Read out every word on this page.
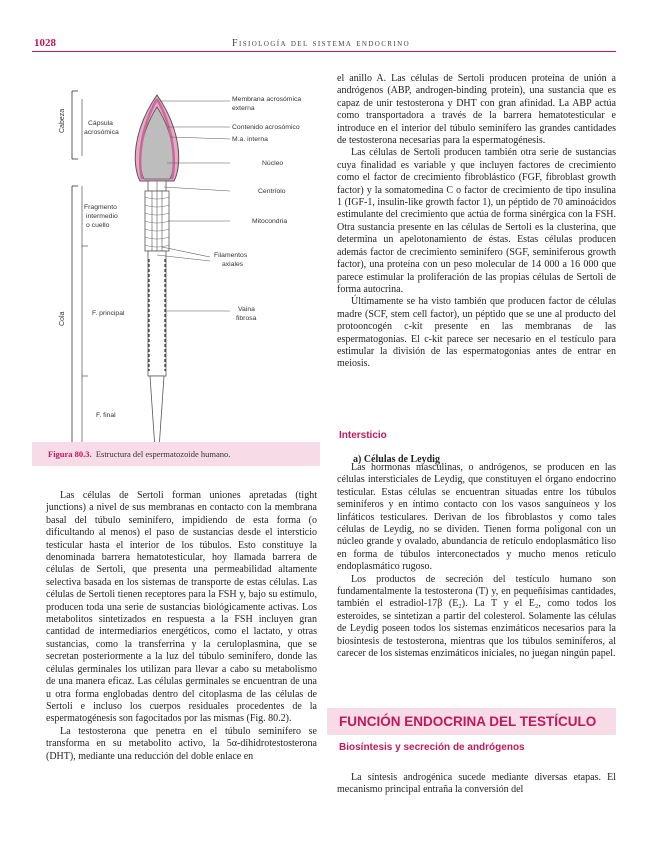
1028	Fisiología del sistema endocrino
Cabeza
Cola
Cápsula acrosómica
Fragmento intermedio o cuello
F. principal
F. final
Membrana acrosómica externa
Contenido acrosómico
M.a. interna
Núcleo
Centríolo
Mitocondria
Filamentos axiales
Vaina fibrosa
Figura 80.3. Estructura del espermatozoide humano.

Las células de Sertoli forman uniones apretadas (tight junctions) a nivel de sus membranas en contacto con la membrana basal del túbulo seminífero, impidiendo de esta forma (o dificultando al menos) el paso de sustancias desde el intersticio testicular hasta el interior de los túbulos. Esto constituye la denominada barrera hematotesticular, hoy llamada barrera de células de Sertoli, que presenta una permeabilidad altamente selectiva basada en los sistemas de transporte de estas células. Las células de Sertoli tienen receptores para la FSH y, bajo su estímulo, producen toda una serie de sustancias biológicamente activas. Los metabolitos sintetizados en respuesta a la FSH incluyen gran cantidad de intermediarios energéticos, como el lactato, y otras sustancias, como la transferrina y la ceruloplasmina, que se secretan posteriormente a la luz del túbulo seminífero, donde las células germinales los utilizan para llevar a cabo su metabolismo de una manera eficaz. Las células germinales se encuentran de una u otra forma englobadas dentro del citoplasma de las células de Sertoli e incluso los cuerpos residuales procedentes de la espermatogénesis son fagocitados por las mismas (Fig. 80.2).

La testosterona que penetra en el túbulo seminífero se transforma en su metabolito activo, la 5α-dihidrotestosterona (DHT), mediante una reducción del doble enlace en

el anillo A. Las células de Sertoli producen proteína de unión a andrógenos (ABP, androgen-binding protein), una sustancia que es capaz de unir testosterona y DHT con gran afinidad. La ABP actúa como transportadora a través de la barrera hematotesticular e introduce en el interior del túbulo seminífero las grandes cantidades de testosterona necesarias para la espermatogénesis.

Las células de Sertoli producen también otra serie de sustancias cuya finalidad es variable y que incluyen factores de crecimiento como el factor de crecimiento fibroblástico (FGF, fibroblast growth factor) y la somatomedina C o factor de crecimiento de tipo insulina 1 (IGF-1, insulin-like growth factor 1), un péptido de 70 aminoácidos estimulante del crecimiento que actúa de forma sinérgica con la FSH. Otra sustancia presente en las células de Sertoli es la clusterina, que determina un apelotonamiento de éstas. Estas células producen además factor de crecimiento seminífero (SGF, seminiferous growth factor), una proteína con un peso molecular de 14 000 a 16 000 que parece estimular la proliferación de las propias células de Sertoli de forma autocrina.

Últimamente se ha visto también que producen factor de células madre (SCF, stem cell factor), un péptido que se une al producto del protooncogén c-kit presente en las membranas de las espermatogonias. El c-kit parece ser necesario en el testículo para estimular la división de las espermatogonias antes de entrar en meiosis.

Intersticio
a) Células de Leydig

Las hormonas masculinas, o andrógenos, se producen en las células intersticiales de Leydig, que constituyen el órgano endocrino testicular. Estas células se encuentran situadas entre los túbulos seminíferos y en íntimo contacto con los vasos sanguíneos y los linfáticos testiculares. Derivan de los fibroblastos y como tales células de Leydig, no se dividen. Tienen forma poligonal con un núcleo grande y ovalado, abundancia de retículo endoplasmático liso en forma de túbulos interconectados y mucho menos retículo endoplasmático rugoso.

Los productos de secreción del testículo humano son fundamentalmente la testosterona (T) y, en pequeñísimas cantidades, también el estradiol-17β (E₂). La T y el E₂, como todos los esteroides, se sintetizan a partir del colesterol. Solamente las células de Leydig poseen todos los sistemas enzimáticos necesarios para la biosíntesis de testosterona, mientras que los túbulos seminíferos, al carecer de los sistemas enzimáticos iniciales, no juegan ningún papel.

FUNCIÓN ENDOCRINA DEL TESTÍCULO
Biosíntesis y secreción de andrógenos

La síntesis androgénica sucede mediante diversas etapas. El mecanismo principal entraña la conversión del
